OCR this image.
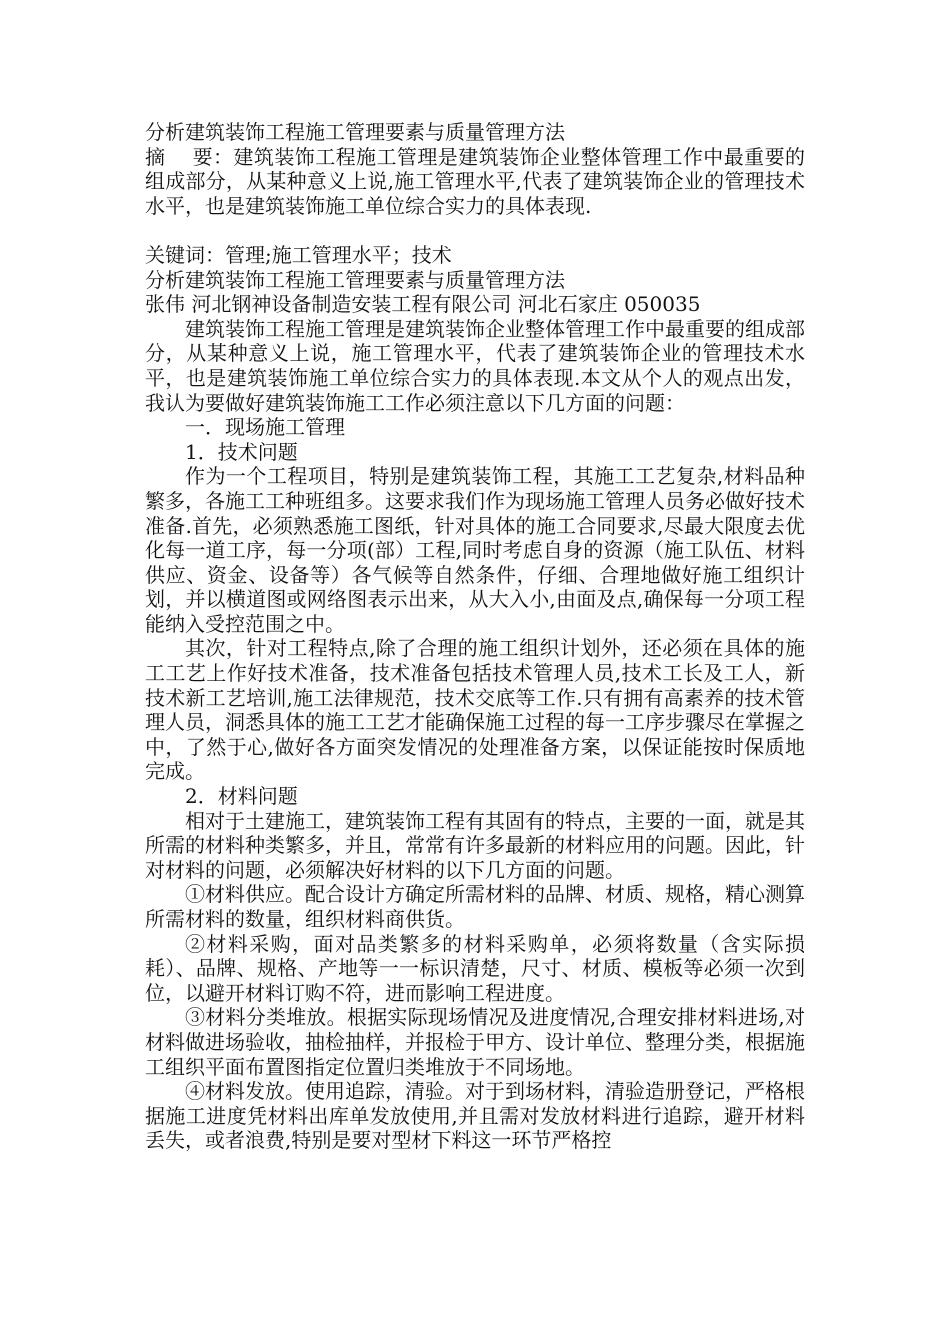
分析建筑装饰工程施工管理要素与质量管理方法

摘　 要：建筑装饰工程施工管理是建筑装饰企业整体管理工作中最重要的组成部分，从某种意义上说,施工管理水平,代表了建筑装饰企业的管理技术水平，也是建筑装饰施工单位综合实力的具体表现.

关键词：管理;施工管理水平；技术

分析建筑装饰工程施工管理要素与质量管理方法

张伟 河北钢神设备制造安装工程有限公司 河北石家庄 050035

建筑装饰工程施工管理是建筑装饰企业整体管理工作中最重要的组成部分，从某种意义上说，施工管理水平，代表了建筑装饰企业的管理技术水平，也是建筑装饰施工单位综合实力的具体表现.本文从个人的观点出发，我认为要做好建筑装饰施工工作必须注意以下几方面的问题：

一．现场施工管理

1．技术问题

作为一个工程项目，特别是建筑装饰工程，其施工工艺复杂,材料品种繁多，各施工工种班组多。这要求我们作为现场施工管理人员务必做好技术准备.首先，必须熟悉施工图纸，针对具体的施工合同要求,尽最大限度去优化每一道工序，每一分项(部）工程,同时考虑自身的资源（施工队伍、材料供应、资金、设备等）各气候等自然条件，仔细、合理地做好施工组织计划，并以横道图或网络图表示出来，从大入小,由面及点,确保每一分项工程能纳入受控范围之中。

其次，针对工程特点,除了合理的施工组织计划外，还必须在具体的施工工艺上作好技术准备，技术准备包括技术管理人员,技术工长及工人，新技术新工艺培训,施工法律规范，技术交底等工作.只有拥有高素养的技术管理人员，洞悉具体的施工工艺才能确保施工过程的每一工序步骤尽在掌握之中，了然于心,做好各方面突发情况的处理准备方案，以保证能按时保质地完成。

2．材料问题

相对于土建施工，建筑装饰工程有其固有的特点，主要的一面，就是其所需的材料种类繁多，并且，常常有许多最新的材料应用的问题。因此，针对材料的问题，必须解决好材料的以下几方面的问题。

①材料供应。配合设计方确定所需材料的品牌、材质、规格，精心测算所需材料的数量，组织材料商供货。

②材料采购，面对品类繁多的材料采购单，必须将数量（含实际损耗）、品牌、规格、产地等一一标识清楚，尺寸、材质、模板等必须一次到位，以避开材料订购不符，进而影响工程进度。

③材料分类堆放。根据实际现场情况及进度情况,合理安排材料进场,对材料做进场验收，抽检抽样，并报检于甲方、设计单位、整理分类，根据施工组织平面布置图指定位置归类堆放于不同场地。

④材料发放。使用追踪，清验。对于到场材料，清验造册登记，严格根据施工进度凭材料出库单发放使用,并且需对发放材料进行追踪，避开材料丢失，或者浪费,特别是要对型材下料这一环节严格控
